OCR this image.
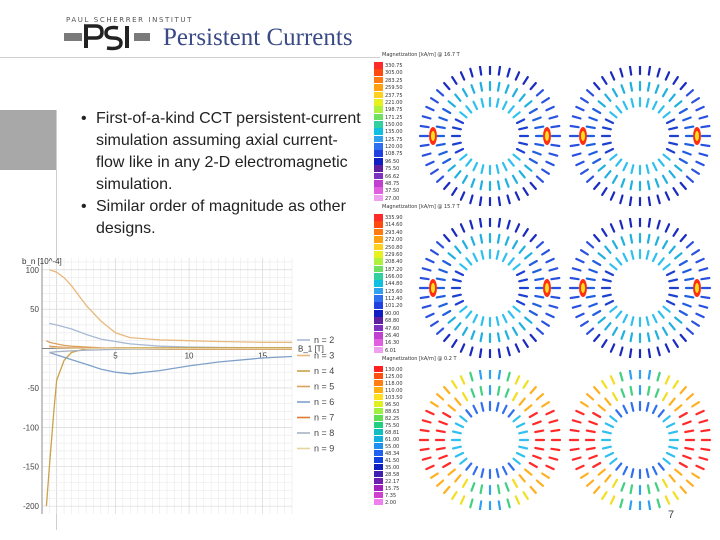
PAUL SCHERRER INSTITUT
Persistent Currents
• First-of-a-kind CCT persistent-current simulation assuming axial current-flow like in any 2-D electromagnetic simulation.
• Similar order of magnitude as other designs.
b_n [10^-4]
B_1 [T]
5	10	15
100
50
-50
-100
-150
-200
n = 2
n = 3
n = 4
n = 5
n = 6
n = 7
n = 8
n = 9
Magnetization [kA/m] @ 16.7 T
330.75
305.00
283.25
259.50
237.75
221.00
198.75
171.25
150.00
135.00
125.75
120.00
108.75
96.50
75.50
66.62
48.75
37.50
27.00
Magnetization [kA/m] @ 15.7 T
335.90
314.60
293.40
272.00
250.80
229.60
208.40
187.20
166.00
144.80
125.60
112.40
101.20
90.00
68.80
47.60
26.40
16.30
6.01
Magnetization [kA/m] @ 0.2 T
130.00
125.00
118.00
110.00
103.50
96.50
88.63
82.25
75.50
68.81
61.00
55.00
48.34
41.50
35.00
28.58
22.17
15.75
7.35
2.00
7
